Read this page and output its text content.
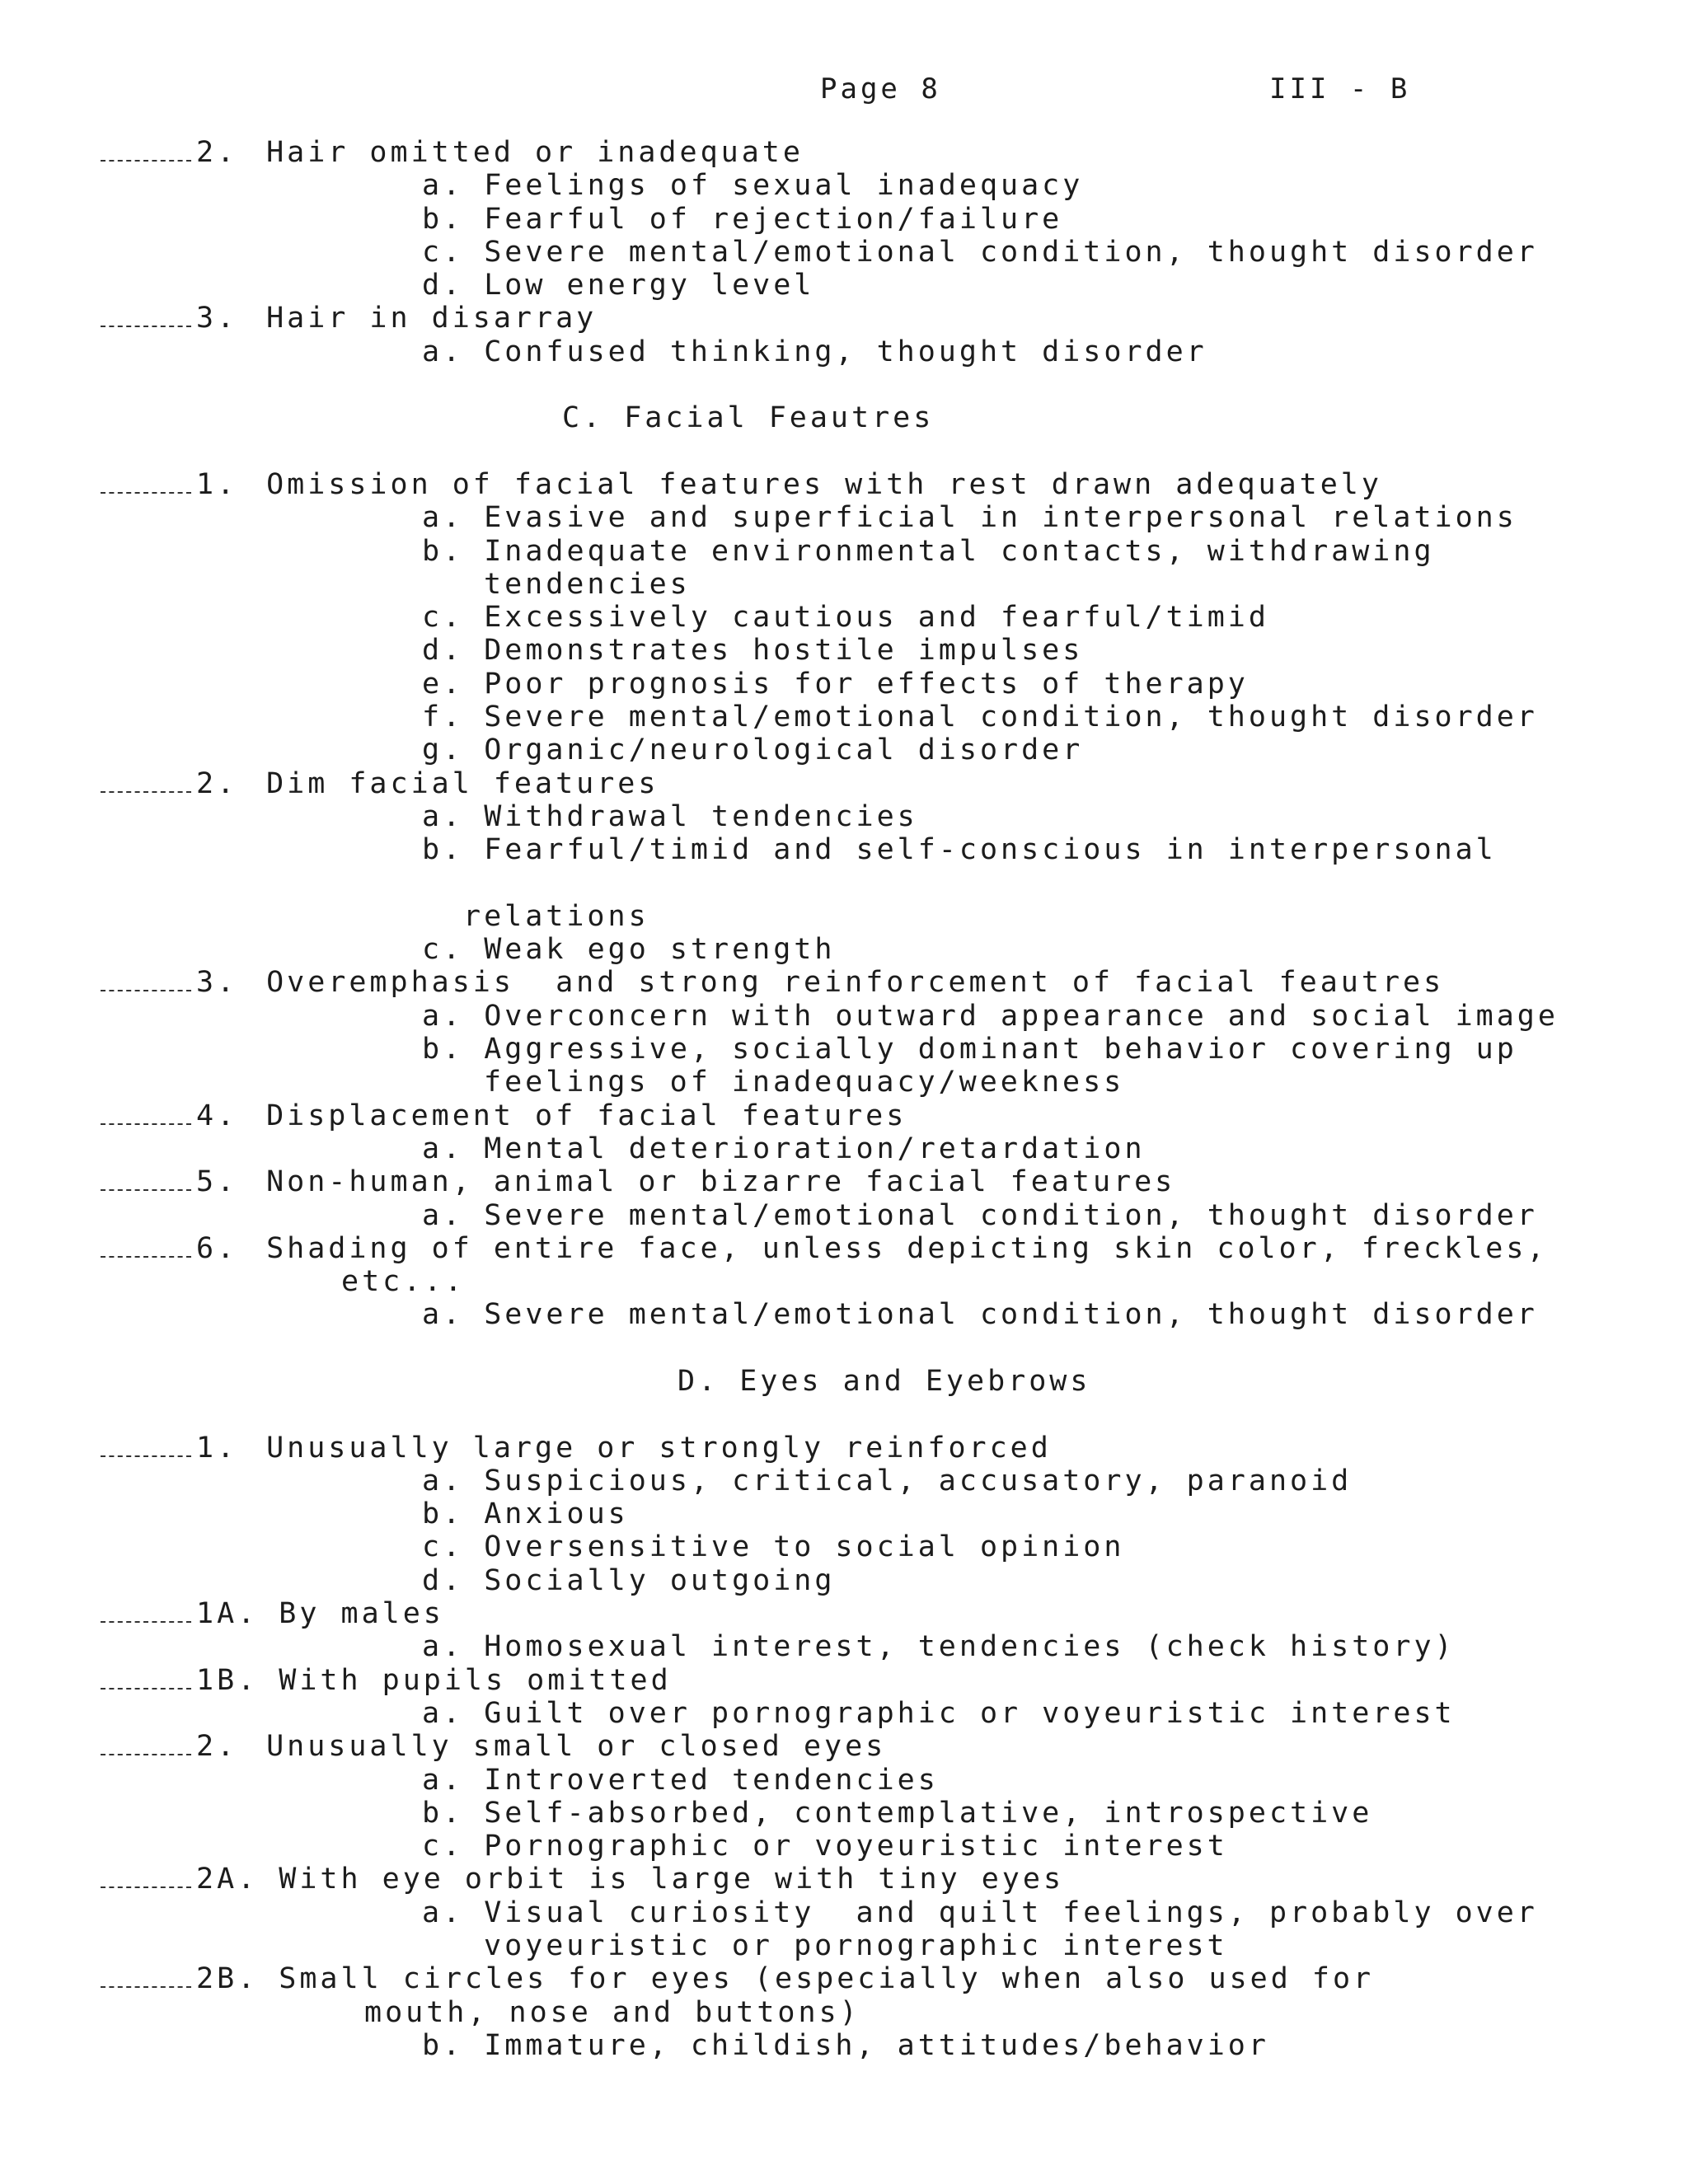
Page 8	III - B
2. Hair omitted or inadequate
a. Feelings of sexual inadequacy
b. Fearful of rejection/failure
c. Severe mental/emotional condition, thought disorder
d. Low energy level
3. Hair in disarray
a. Confused thinking, thought disorder
C. Facial Feautres
1. Omission of facial features with rest drawn adequately
a. Evasive and superficial in interpersonal relations
b. Inadequate environmental contacts, withdrawing
tendencies
c. Excessively cautious and fearful/timid
d. Demonstrates hostile impulses
e. Poor prognosis for effects of therapy
f. Severe mental/emotional condition, thought disorder
g. Organic/neurological disorder
2. Dim facial features
a. Withdrawal tendencies
b. Fearful/timid and self-conscious in interpersonal
relations
c. Weak ego strength
3. Overemphasis  and strong reinforcement of facial feautres
a. Overconcern with outward appearance and social image
b. Aggressive, socially dominant behavior covering up
feelings of inadequacy/weekness
4. Displacement of facial features
a. Mental deterioration/retardation
5. Non-human, animal or bizarre facial features
a. Severe mental/emotional condition, thought disorder
6. Shading of entire face, unless depicting skin color, freckles,
etc...
a. Severe mental/emotional condition, thought disorder
D. Eyes and Eyebrows
1. Unusually large or strongly reinforced
a. Suspicious, critical, accusatory, paranoid
b. Anxious
c. Oversensitive to social opinion
d. Socially outgoing
1A. By males
a. Homosexual interest, tendencies (check history)
1B. With pupils omitted
a. Guilt over pornographic or voyeuristic interest
2. Unusually small or closed eyes
a. Introverted tendencies
b. Self-absorbed, contemplative, introspective
c. Pornographic or voyeuristic interest
2A. With eye orbit is large with tiny eyes
a. Visual curiosity  and quilt feelings, probably over
voyeuristic or pornographic interest
2B. Small circles for eyes (especially when also used for
mouth, nose and buttons)
b. Immature, childish, attitudes/behavior
